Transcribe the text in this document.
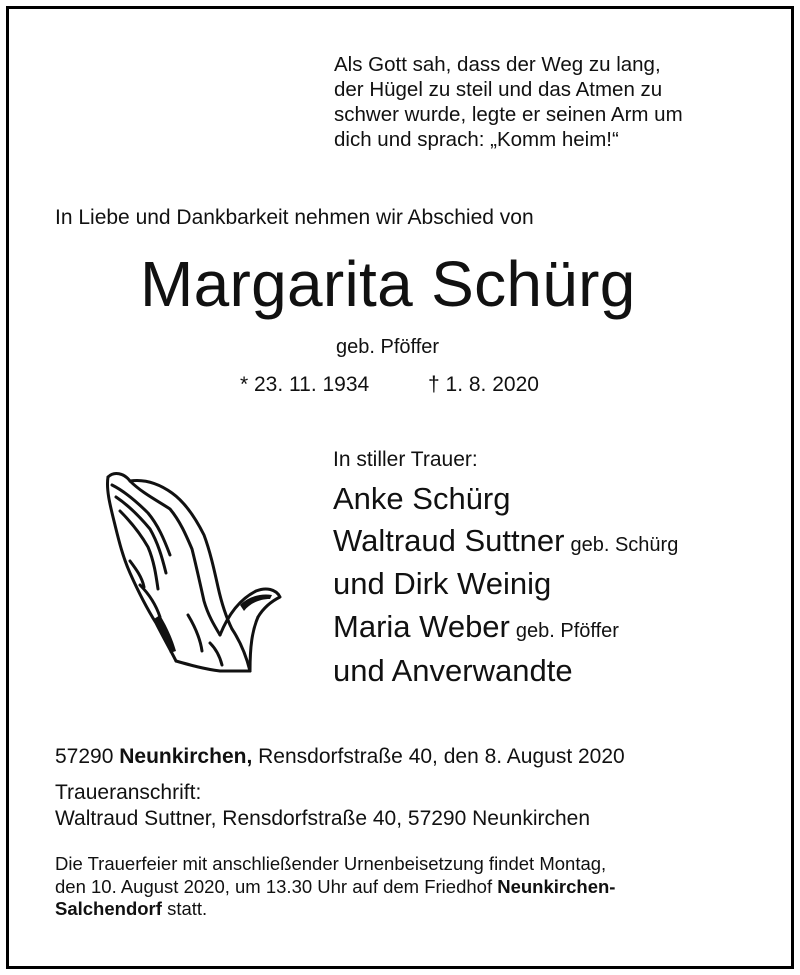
Als Gott sah, dass der Weg zu lang,
der Hügel zu steil und das Atmen zu
schwer wurde, legte er seinen Arm um
dich und sprach: „Komm heim!“
In Liebe und Dankbarkeit nehmen wir Abschied von
Margarita Schürg
geb. Pföffer
* 23. 11. 1934	† 1. 8. 2020
In stiller Trauer:
Anke Schürg
Waltraud Suttner geb. Schürg
und Dirk Weinig
Maria Weber geb. Pföffer
und Anverwandte
57290 Neunkirchen, Rensdorfstraße 40, den 8. August 2020
Traueranschrift:
Waltraud Suttner, Rensdorfstraße 40, 57290 Neunkirchen
Die Trauerfeier mit anschließender Urnenbeisetzung findet Montag,
den 10. August 2020, um 13.30 Uhr auf dem Friedhof Neunkirchen-
Salchendorf statt.
